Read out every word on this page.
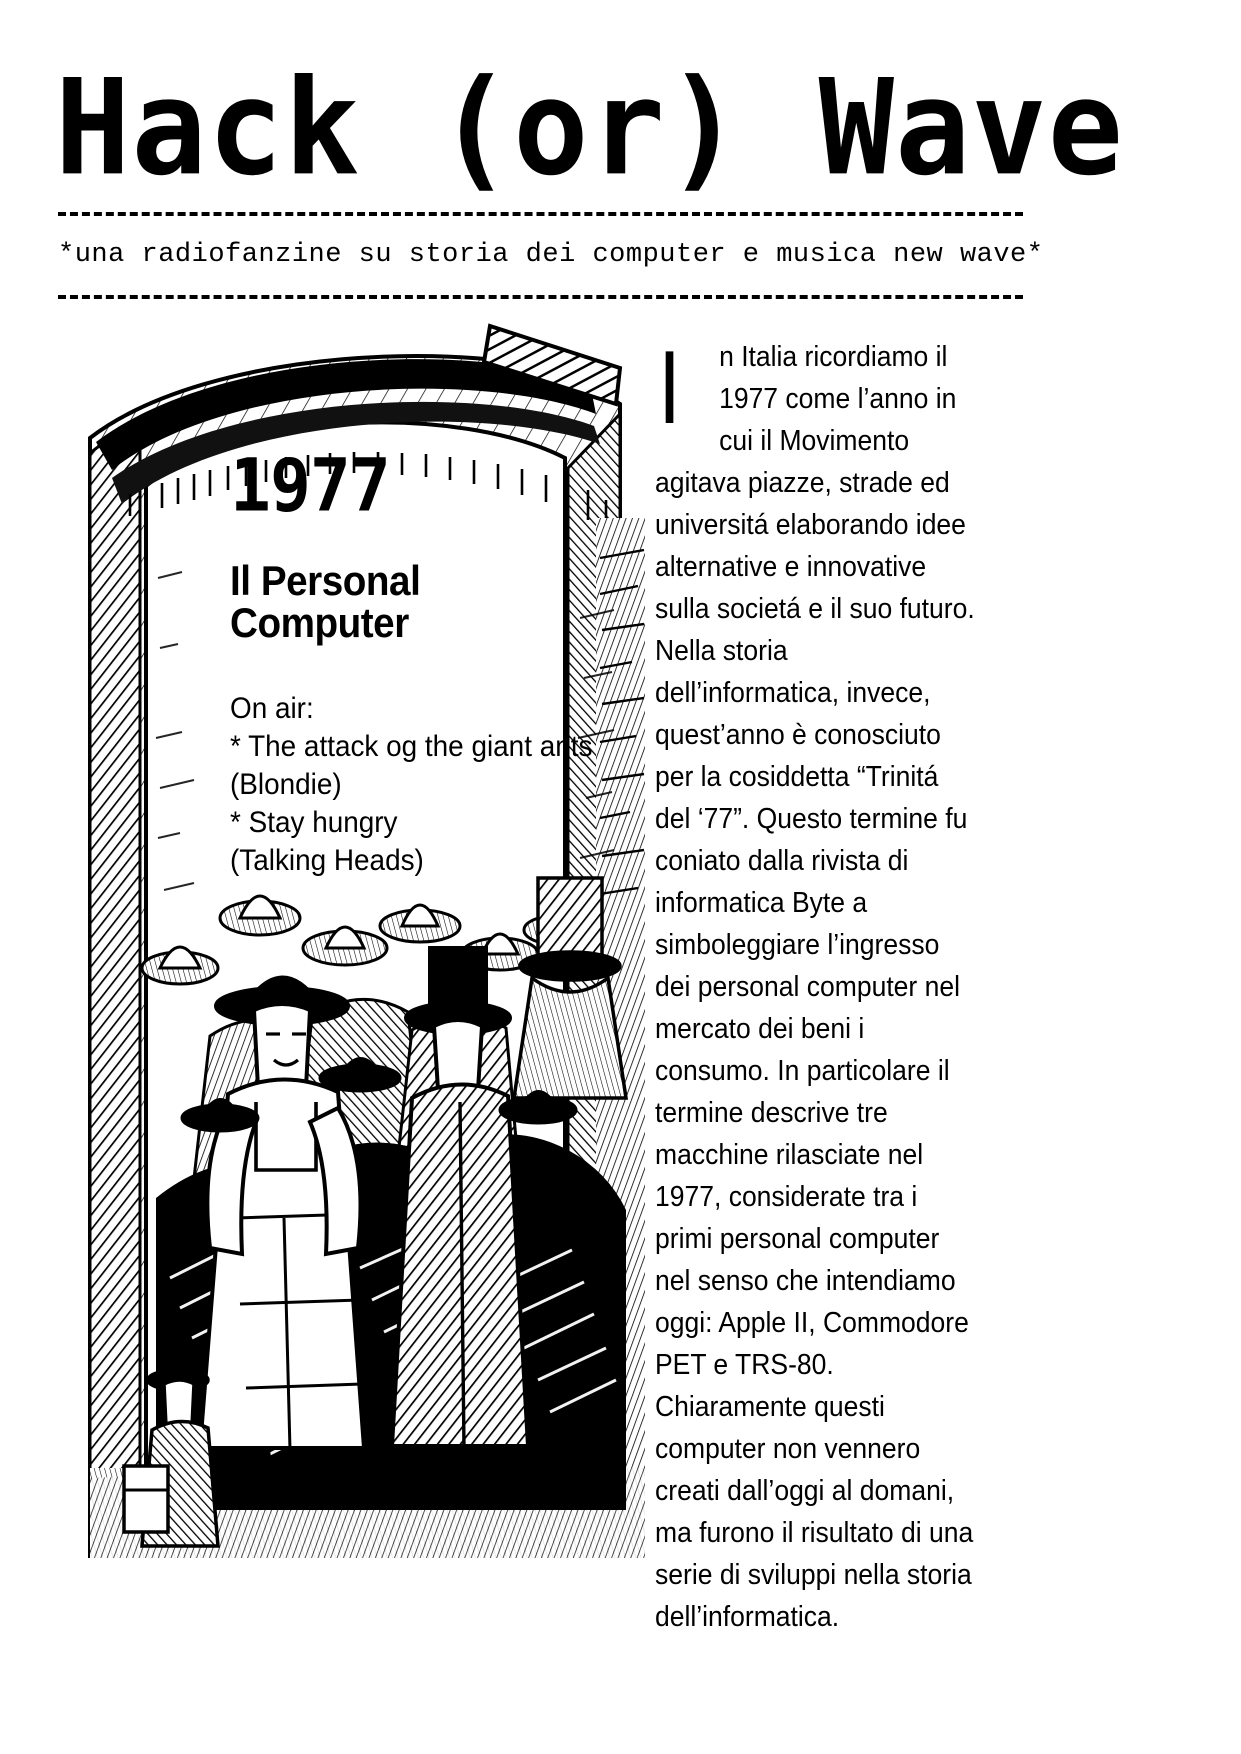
Hack (or) Wave
*una radiofanzine su storia dei computer e musica new wave*
1977
Il Personal
Computer
On air:
* The attack og the giant ants
(Blondie)
* Stay hungry
(Talking Heads)
I	n Italia ricordiamo il 1977 come l’anno in cui il Movimento agitava piazze, strade ed universitá elaborando idee alternative e innovative sulla societá e il suo futuro. Nella storia dell’informatica, invece, quest’anno è conosciuto per la cosiddetta “Trinitá del ‘77”. Questo termine fu coniato dalla rivista di informatica Byte a simboleggiare l’ingresso dei personal computer nel mercato dei beni i consumo. In particolare il termine descrive tre macchine rilasciate nel 1977, considerate tra i primi personal computer nel senso che intendiamo oggi: Apple II, Commodore PET e TRS-80. Chiaramente questi computer non vennero creati dall’oggi al domani, ma furono il risultato di una serie di sviluppi nella storia dell’informatica.
